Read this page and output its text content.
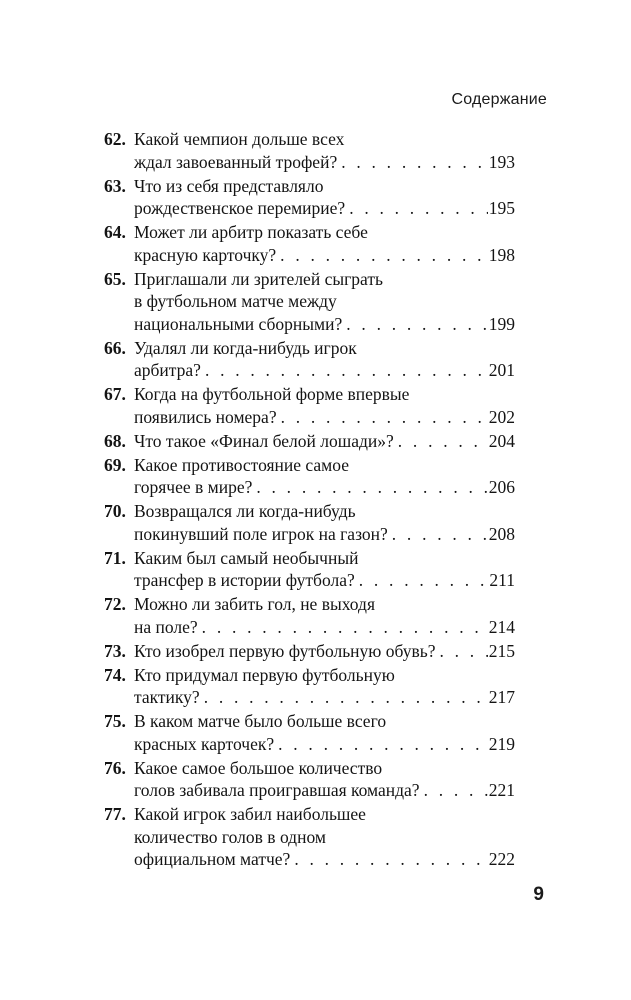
Содержание
62. Какой чемпион дольше всех
ждал завоеванный трофей? . . .	193
63. Что из себя представляло
рождественское перемирие? . . .	195
64. Может ли арбитр показать себе
красную карточку? . . .	198
65. Приглашали ли зрителей сыграть
в футбольном матче между
национальными сборными? . . .	199
66. Удалял ли когда-нибудь игрок
арбитра? . . .	201
67. Когда на футбольной форме впервые
появились номера? . . .	202
68. Что такое «Финал белой лошади»? . . .	204
69. Какое противостояние самое
горячее в мире? . . .	206
70. Возвращался ли когда-нибудь
покинувший поле игрок на газон? . . .	208
71. Каким был самый необычный
трансфер в истории футбола? . . .	211
72. Можно ли забить гол, не выходя
на поле? . . .	214
73. Кто изобрел первую футбольную обувь? . . .	215
74. Кто придумал первую футбольную
тактику? . . .	217
75. В каком матче было больше всего
красных карточек? . . .	219
76. Какое самое большое количество
голов забивала проигравшая команда? . . .	221
77. Какой игрок забил наибольшее
количество голов в одном
официальном матче? . . .	222
9
